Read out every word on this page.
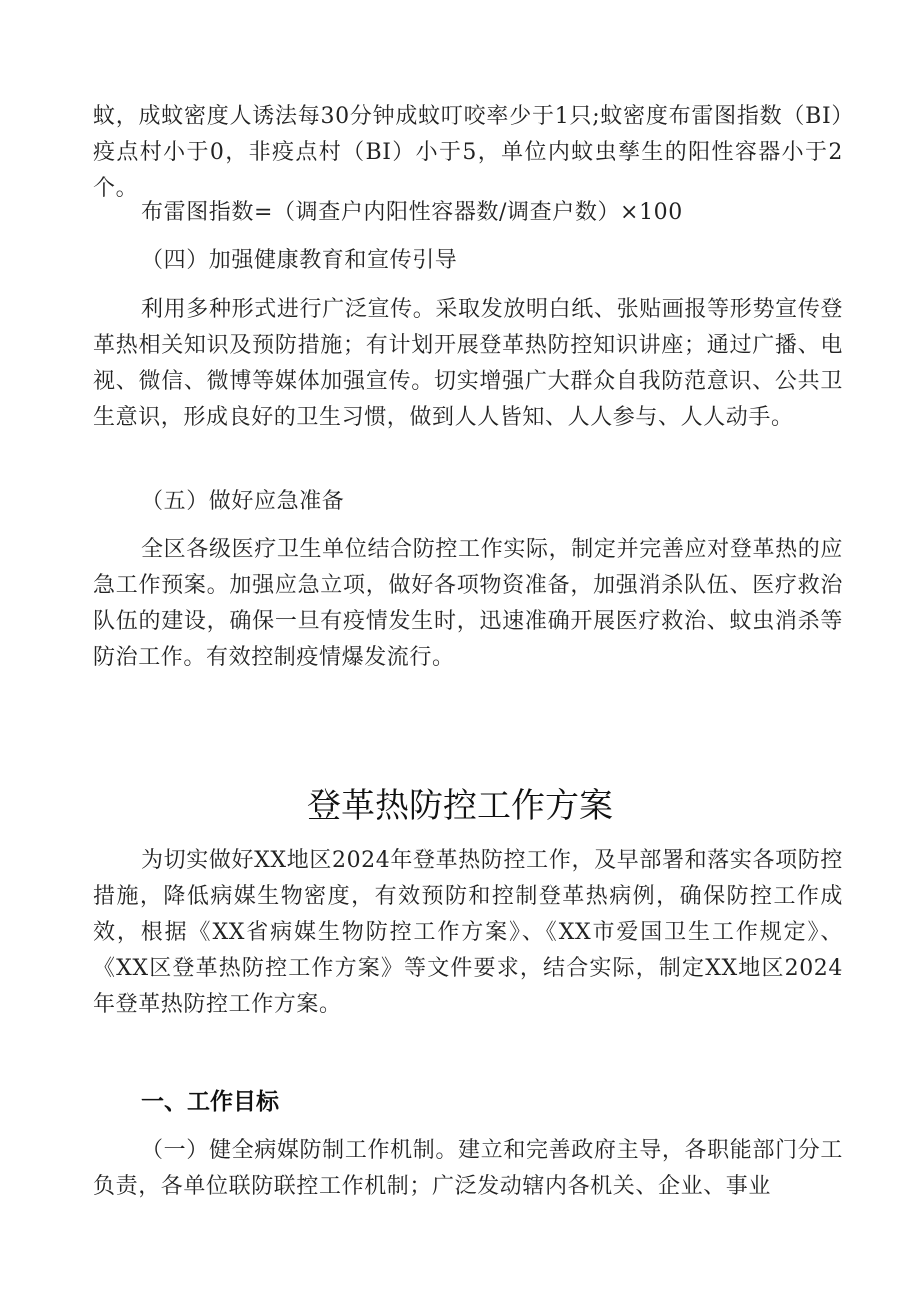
蚊，成蚊密度人诱法每30分钟成蚊叮咬率少于1只;蚊密度布雷图指数（BI）疫点村小于0，非疫点村（BI）小于5，单位内蚊虫孳生的阳性容器小于2个。

布雷图指数=（调查户内阳性容器数/调查户数）×100

（四）加强健康教育和宣传引导

利用多种形式进行广泛宣传。采取发放明白纸、张贴画报等形势宣传登革热相关知识及预防措施；有计划开展登革热防控知识讲座；通过广播、电视、微信、微博等媒体加强宣传。切实增强广大群众自我防范意识、公共卫生意识，形成良好的卫生习惯，做到人人皆知、人人参与、人人动手。

（五）做好应急准备

全区各级医疗卫生单位结合防控工作实际，制定并完善应对登革热的应急工作预案。加强应急立项，做好各项物资准备，加强消杀队伍、医疗救治队伍的建设，确保一旦有疫情发生时，迅速准确开展医疗救治、蚊虫消杀等防治工作。有效控制疫情爆发流行。

登革热防控工作方案

为切实做好XX地区2024年登革热防控工作，及早部署和落实各项防控措施，降低病媒生物密度，有效预防和控制登革热病例，确保防控工作成效，根据《XX省病媒生物防控工作方案》、《XX市爱国卫生工作规定》、《XX区登革热防控工作方案》等文件要求，结合实际，制定XX地区2024年登革热防控工作方案。

一、工作目标

（一）健全病媒防制工作机制。建立和完善政府主导，各职能部门分工负责，各单位联防联控工作机制；广泛发动辖内各机关、企业、事业
